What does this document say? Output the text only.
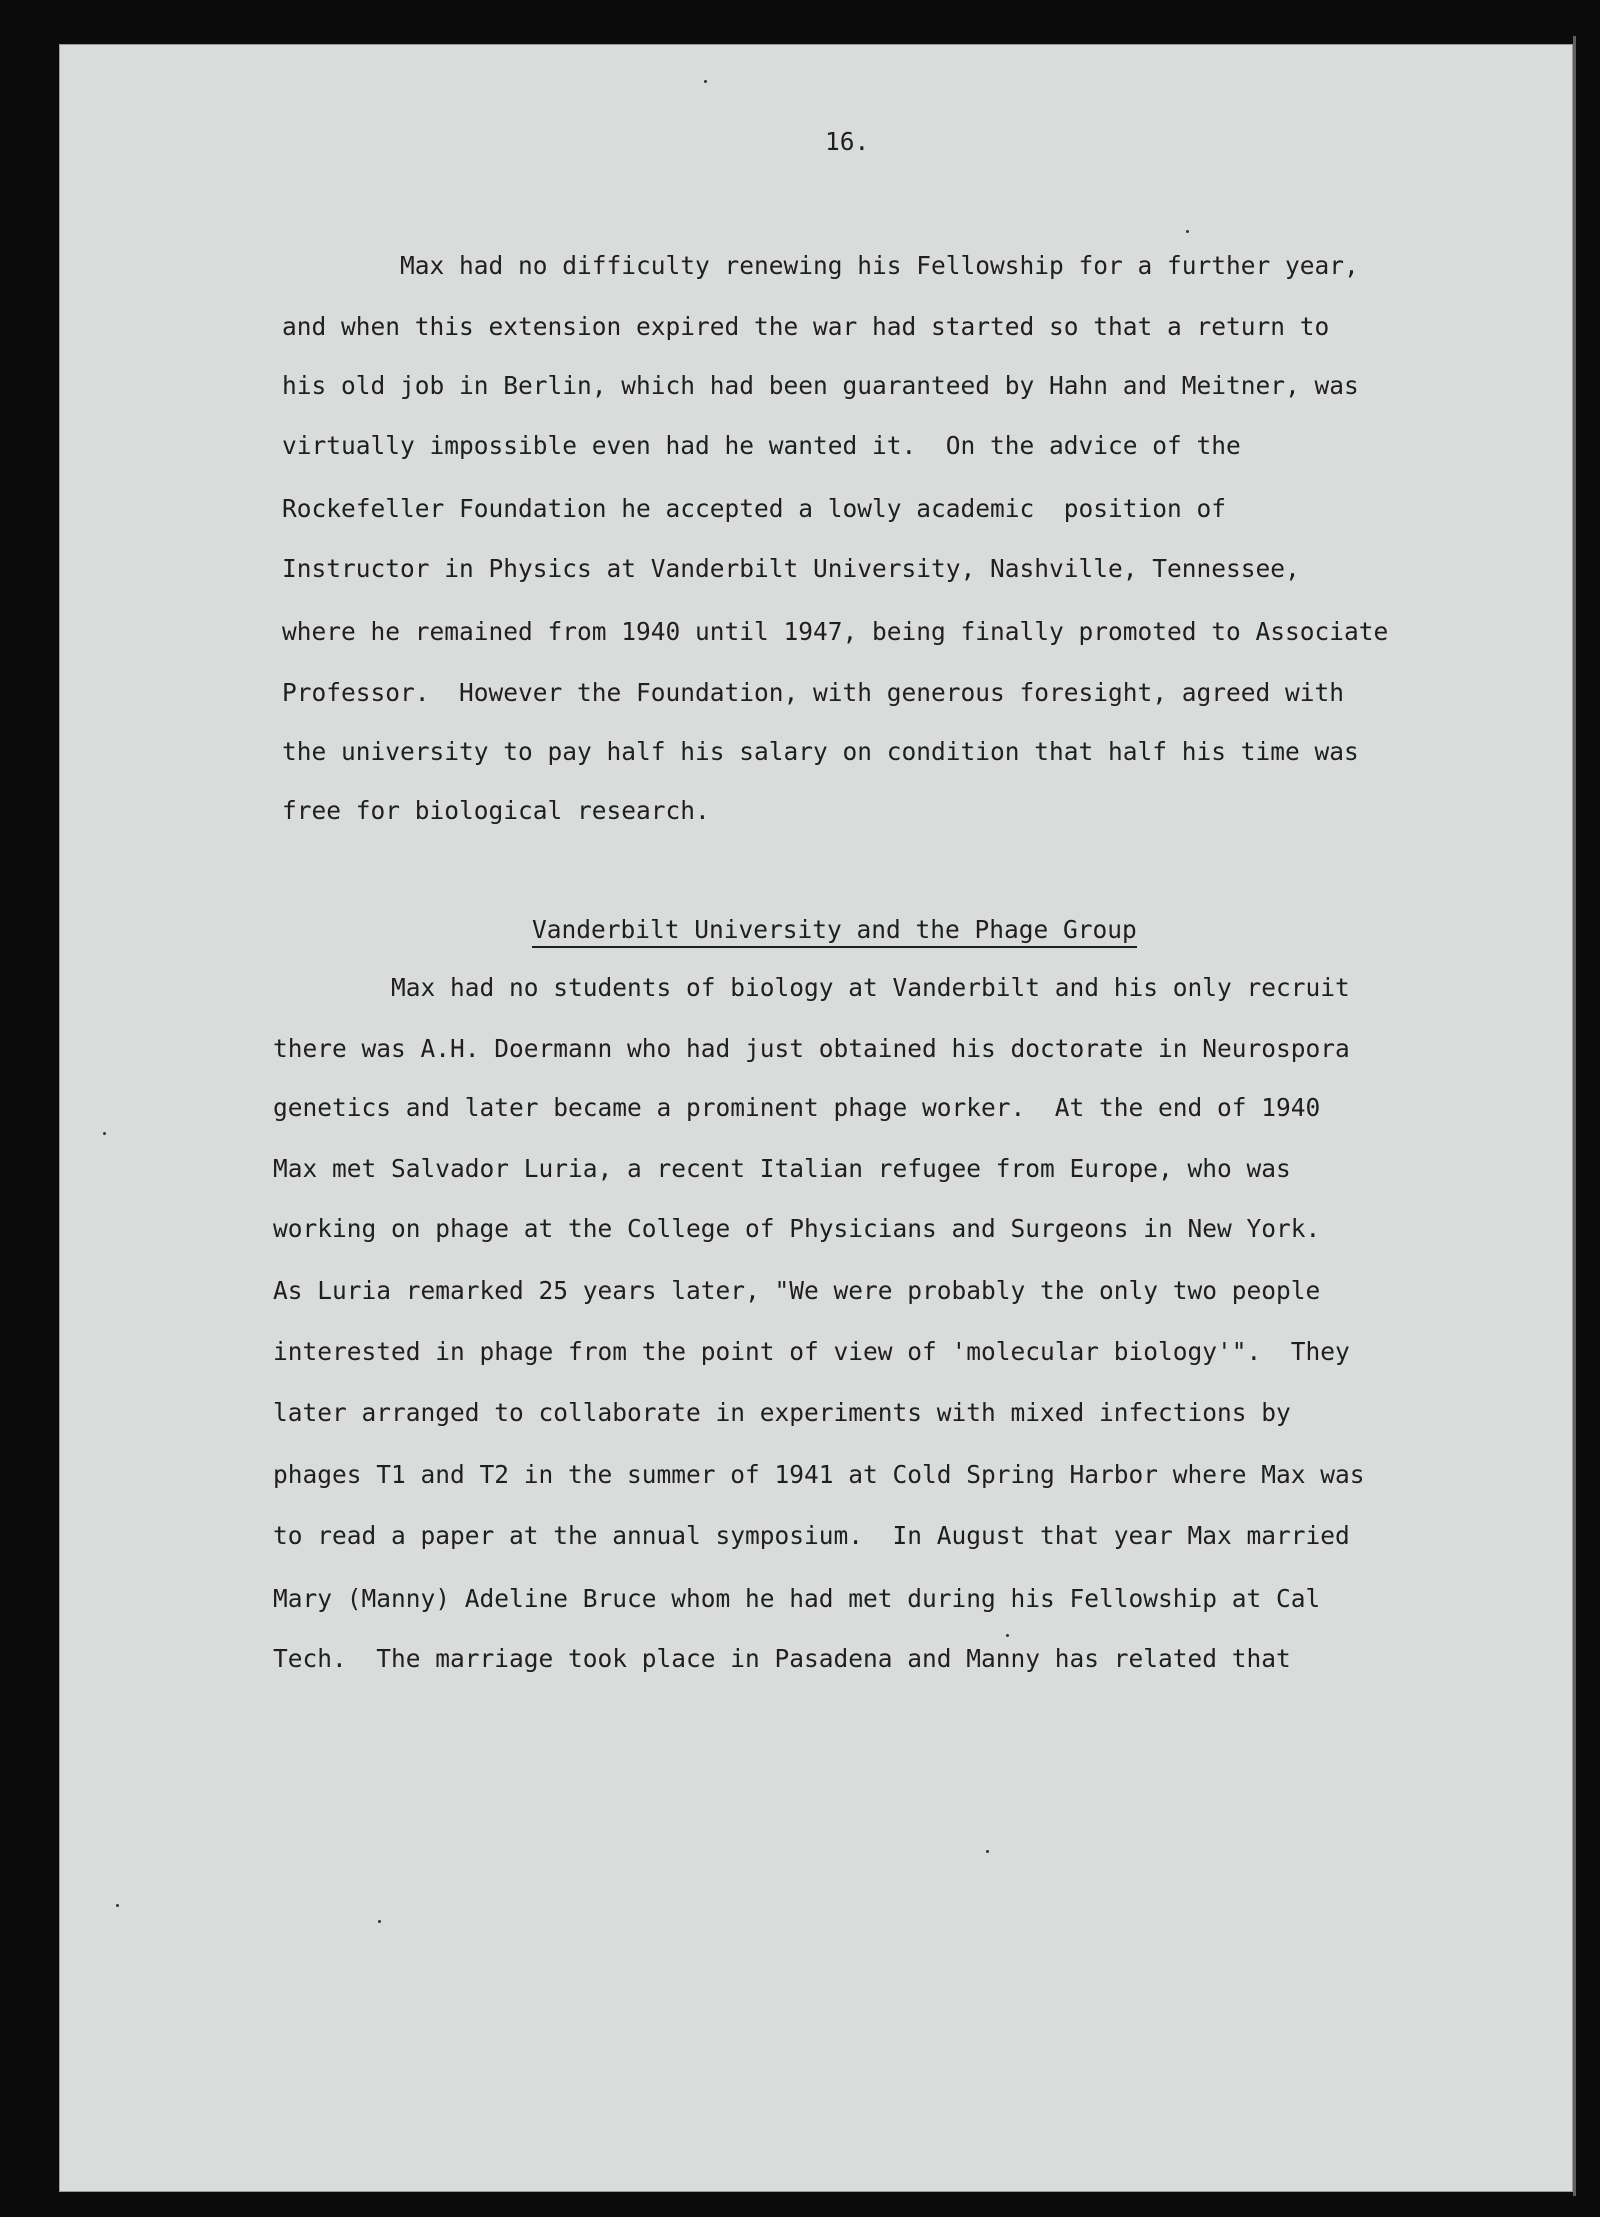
16.
Max had no difficulty renewing his Fellowship for a further year,
and when this extension expired the war had started so that a return to
his old job in Berlin, which had been guaranteed by Hahn and Meitner, was
virtually impossible even had he wanted it.  On the advice of the
Rockefeller Foundation he accepted a lowly academic  position of
Instructor in Physics at Vanderbilt University, Nashville, Tennessee,
where he remained from 1940 until 1947, being finally promoted to Associate
Professor.  However the Foundation, with generous foresight, agreed with
the university to pay half his salary on condition that half his time was
free for biological research.
Vanderbilt University and the Phage Group
Max had no students of biology at Vanderbilt and his only recruit
there was A.H. Doermann who had just obtained his doctorate in Neurospora
genetics and later became a prominent phage worker.  At the end of 1940
Max met Salvador Luria, a recent Italian refugee from Europe, who was
working on phage at the College of Physicians and Surgeons in New York.
As Luria remarked 25 years later, "We were probably the only two people
interested in phage from the point of view of 'molecular biology'".  They
later arranged to collaborate in experiments with mixed infections by
phages T1 and T2 in the summer of 1941 at Cold Spring Harbor where Max was
to read a paper at the annual symposium.  In August that year Max married
Mary (Manny) Adeline Bruce whom he had met during his Fellowship at Cal
Tech.  The marriage took place in Pasadena and Manny has related that
